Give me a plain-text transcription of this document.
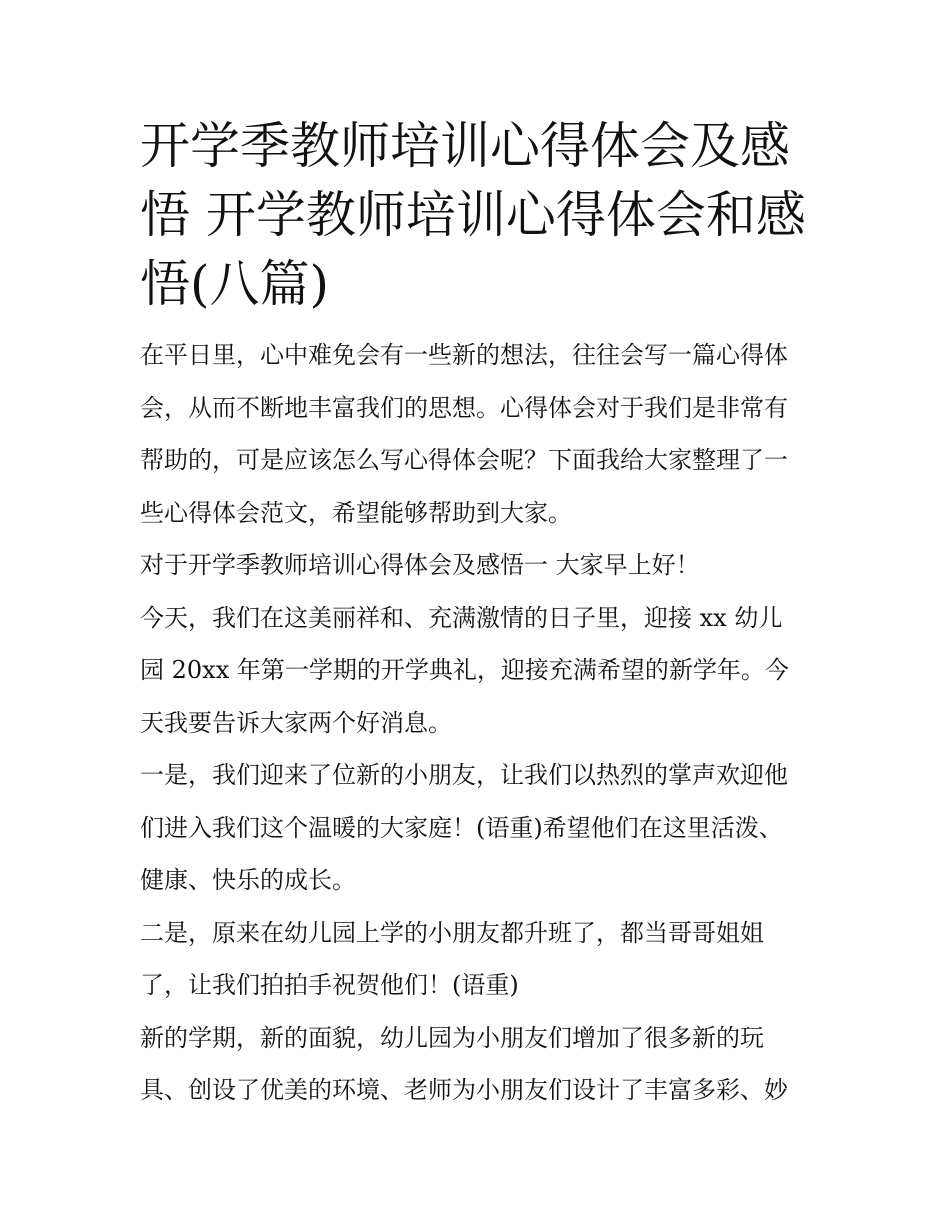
开学季教师培训心得体会及感
悟 开学教师培训心得体会和感
悟(八篇)

在平日里，心中难免会有一些新的想法，往往会写一篇心得体

会，从而不断地丰富我们的思想。心得体会对于我们是非常有

帮助的，可是应该怎么写心得体会呢？下面我给大家整理了一

些心得体会范文，希望能够帮助到大家。

对于开学季教师培训心得体会及感悟一 大家早上好！

今天，我们在这美丽祥和、充满激情的日子里，迎接 xx 幼儿

园 20xx 年第一学期的开学典礼，迎接充满希望的新学年。今

天我要告诉大家两个好消息。

一是，我们迎来了位新的小朋友，让我们以热烈的掌声欢迎他

们进入我们这个温暖的大家庭！(语重)希望他们在这里活泼、

健康、快乐的成长。

二是，原来在幼儿园上学的小朋友都升班了，都当哥哥姐姐

了，让我们拍拍手祝贺他们！(语重)

新的学期，新的面貌，幼儿园为小朋友们增加了很多新的玩

具、创设了优美的环境、老师为小朋友们设计了丰富多彩、妙
